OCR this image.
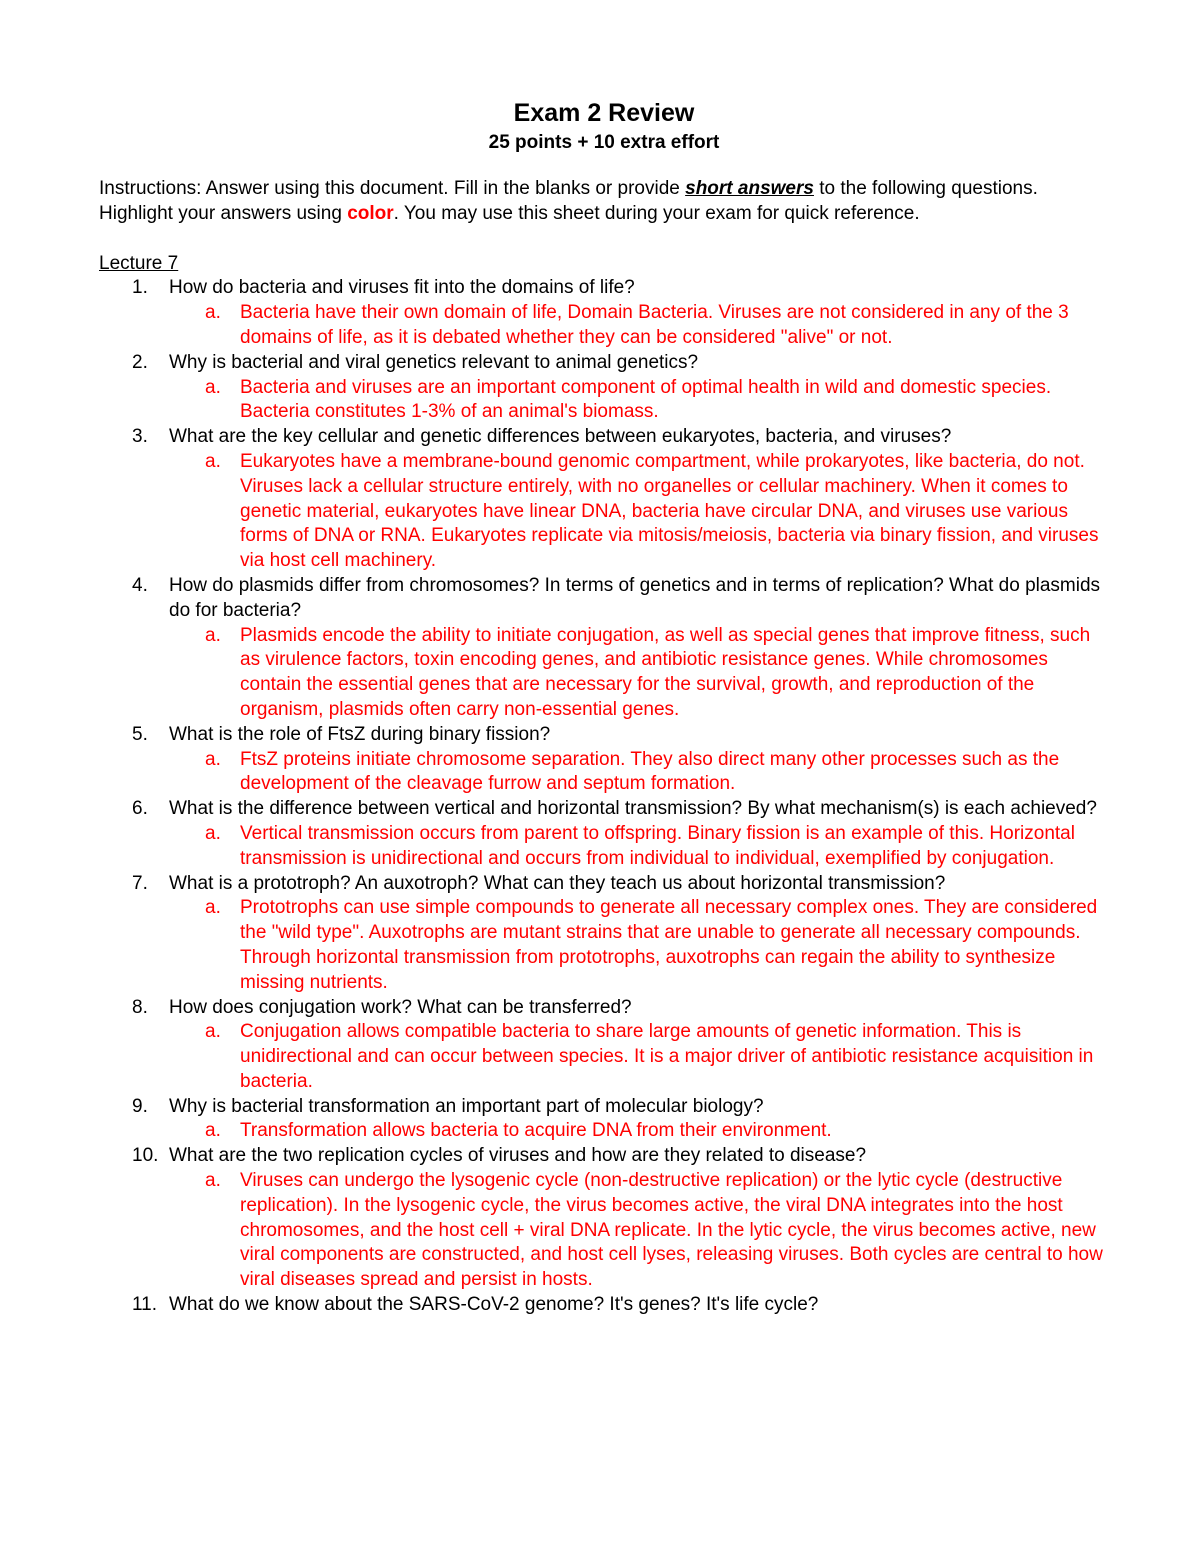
Exam 2 Review
25 points + 10 extra effort

Instructions: Answer using this document. Fill in the blanks or provide short answers to the following questions. Highlight your answers using color. You may use this sheet during your exam for quick reference.

Lecture 7
1. How do bacteria and viruses fit into the domains of life?
a. Bacteria have their own domain of life, Domain Bacteria. Viruses are not considered in any of the 3 domains of life, as it is debated whether they can be considered "alive" or not.
2. Why is bacterial and viral genetics relevant to animal genetics?
a. Bacteria and viruses are an important component of optimal health in wild and domestic species. Bacteria constitutes 1-3% of an animal's biomass.
3. What are the key cellular and genetic differences between eukaryotes, bacteria, and viruses?
a. Eukaryotes have a membrane-bound genomic compartment, while prokaryotes, like bacteria, do not. Viruses lack a cellular structure entirely, with no organelles or cellular machinery. When it comes to genetic material, eukaryotes have linear DNA, bacteria have circular DNA, and viruses use various forms of DNA or RNA. Eukaryotes replicate via mitosis/meiosis, bacteria via binary fission, and viruses via host cell machinery.
4. How do plasmids differ from chromosomes? In terms of genetics and in terms of replication? What do plasmids do for bacteria?
a. Plasmids encode the ability to initiate conjugation, as well as special genes that improve fitness, such as virulence factors, toxin encoding genes, and antibiotic resistance genes. While chromosomes contain the essential genes that are necessary for the survival, growth, and reproduction of the organism, plasmids often carry non-essential genes.
5. What is the role of FtsZ during binary fission?
a. FtsZ proteins initiate chromosome separation. They also direct many other processes such as the development of the cleavage furrow and septum formation.
6. What is the difference between vertical and horizontal transmission? By what mechanism(s) is each achieved?
a. Vertical transmission occurs from parent to offspring. Binary fission is an example of this. Horizontal transmission is unidirectional and occurs from individual to individual, exemplified by conjugation.
7. What is a prototroph? An auxotroph? What can they teach us about horizontal transmission?
a. Prototrophs can use simple compounds to generate all necessary complex ones. They are considered the "wild type". Auxotrophs are mutant strains that are unable to generate all necessary compounds. Through horizontal transmission from prototrophs, auxotrophs can regain the ability to synthesize missing nutrients.
8. How does conjugation work? What can be transferred?
a. Conjugation allows compatible bacteria to share large amounts of genetic information. This is unidirectional and can occur between species. It is a major driver of antibiotic resistance acquisition in bacteria.
9. Why is bacterial transformation an important part of molecular biology?
a. Transformation allows bacteria to acquire DNA from their environment.
10. What are the two replication cycles of viruses and how are they related to disease?
a. Viruses can undergo the lysogenic cycle (non-destructive replication) or the lytic cycle (destructive replication). In the lysogenic cycle, the virus becomes active, the viral DNA integrates into the host chromosomes, and the host cell + viral DNA replicate. In the lytic cycle, the virus becomes active, new viral components are constructed, and host cell lyses, releasing viruses. Both cycles are central to how viral diseases spread and persist in hosts.
11. What do we know about the SARS-CoV-2 genome? It's genes? It's life cycle?
